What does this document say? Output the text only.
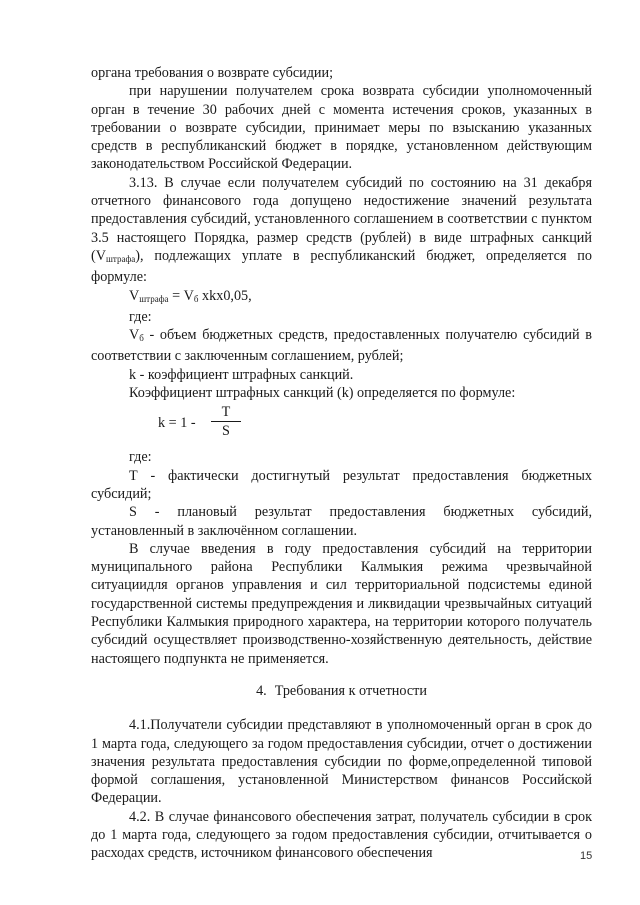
органа требования о возврате субсидии;

при нарушении получателем срока возврата субсидии уполномоченный орган в течение 30 рабочих дней с момента истечения сроков, указанных в требовании о возврате субсидии, принимает меры по взысканию указанных средств в республиканский бюджет в порядке, установленном действующим законодательством Российской Федерации.

3.13. В случае если получателем субсидий по состоянию на 31 декабря отчетного финансового года допущено недостижение значений результата предоставления субсидий, установленного соглашением в соответствии с пунктом 3.5 настоящего Порядка, размер средств (рублей) в виде штрафных санкций $(V_{штрафа})$, подлежащих уплате в республиканский бюджет, определяется по формуле:

$V_{штрафа} = V_б$ xkx0,05,

где:

$V_б$ - объем бюджетных средств, предоставленных получателю субсидий в соответствии с заключенным соглашением, рублей;

k - коэффициент штрафных санкций.

Коэффициент штрафных санкций (k) определяется по формуле:

k = 1 -
T
S

где:

Т - фактически достигнутый результат предоставления бюджетных субсидий;

S - плановый результат предоставления бюджетных субсидий, установленный в заключённом соглашении.

В случае введения в году предоставления субсидий на территории муниципального района Республики Калмыкия режима чрезвычайной ситуациидля органов управления и сил территориальной подсистемы единой государственной системы предупреждения и ликвидации чрезвычайных ситуаций Республики Калмыкия природного характера, на территории которого получатель субсидий осуществляет производственно-хозяйственную деятельность, действие настоящего подпункта не применяется.

4. Требования к отчетности

4.1.Получатели субсидии представляют в уполномоченный орган в срок до 1 марта года, следующего за годом предоставления субсидии, отчет о достижении значения результата предоставления субсидии по форме,определенной типовой формой соглашения, установленной Министерством финансов Российской Федерации.

4.2. В случае финансового обеспечения затрат, получатель субсидии в срок до 1 марта года, следующего за годом предоставления субсидии, отчитывается о расходах средств, источником финансового обеспечения	15
